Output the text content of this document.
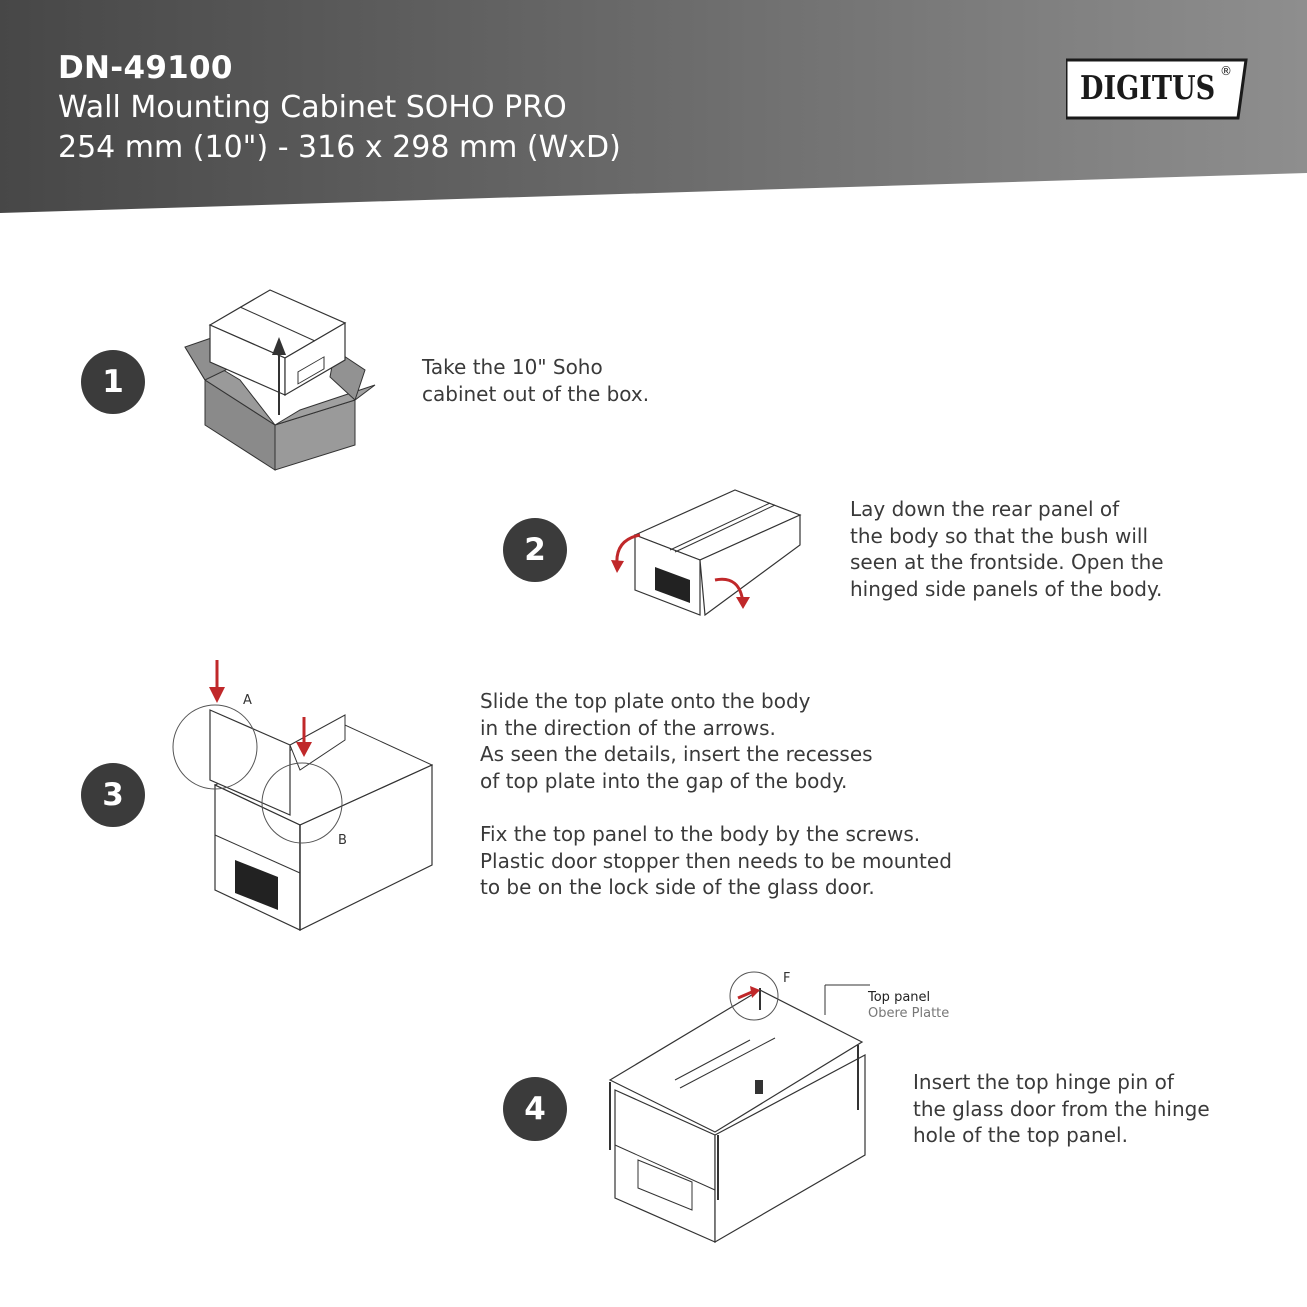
DN-49100
Wall Mounting Cabinet SOHO PRO
254 mm (10") - 316 x 298 mm (WxD)
DIGITUS ®
1	Take the 10" Soho
cabinet out of the box.
2
Lay down the rear panel of
the body so that the bush will
seen at the frontside. Open the
hinged side panels of the body.
3
A
B
Slide the top plate onto the body
in the direction of the arrows.
As seen the details, insert the recesses
of top plate into the gap of the body.

Fix the top panel to the body by the screws.
Plastic door stopper then needs to be mounted
to be on the lock side of the glass door.
4
F
Top panel
Obere Platte
Insert the top hinge pin of
the glass door from the hinge
hole of the top panel.
